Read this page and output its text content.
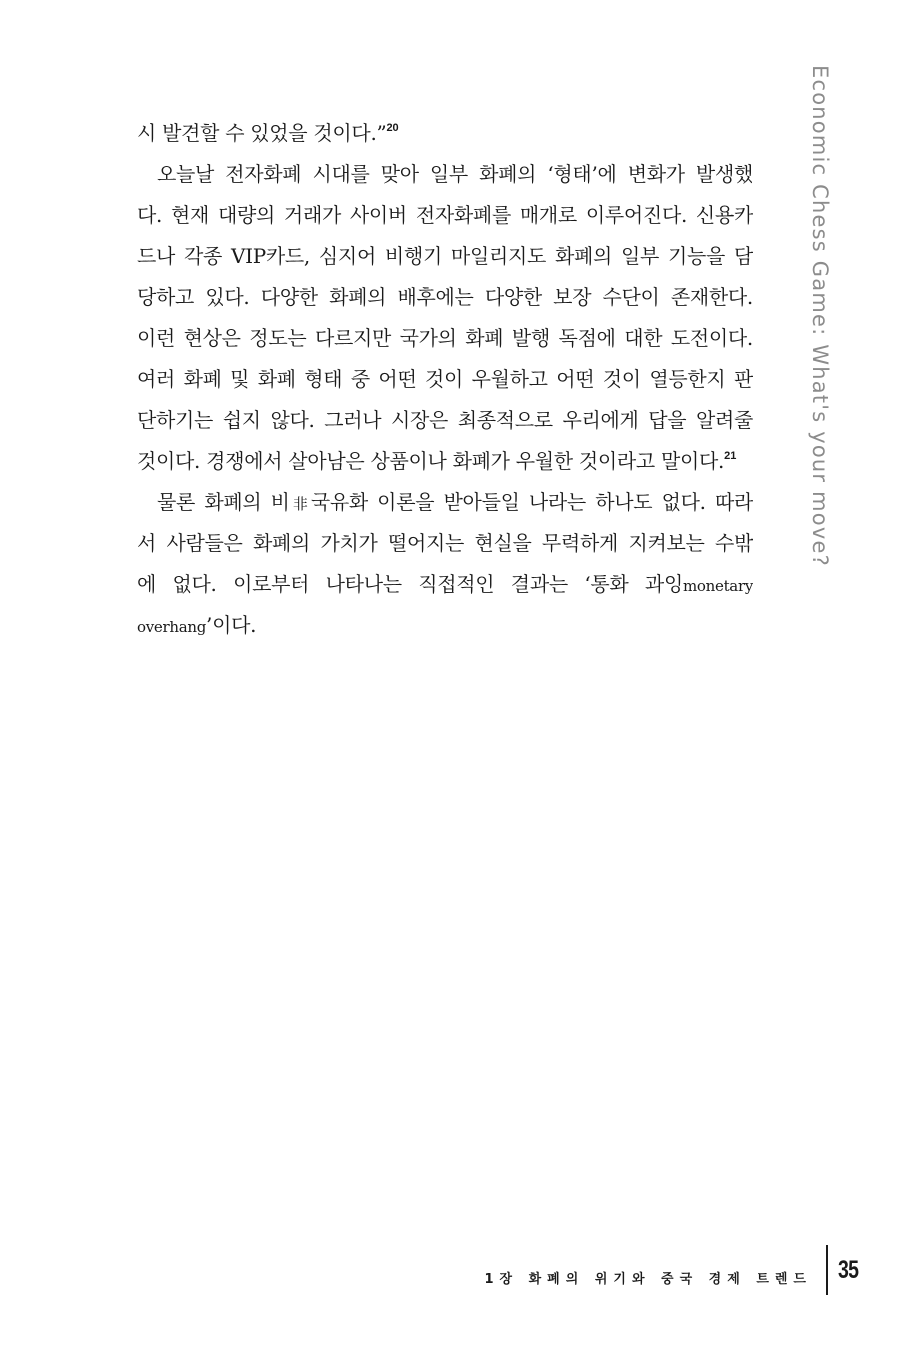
Economic Chess Game: What's your move?
시 발견할 수 있었을 것이다.”$^{20}$
오늘날 전자화폐 시대를 맞아 일부 화폐의 ‘형태’에 변화가 발생했
다. 현재 대량의 거래가 사이버 전자화폐를 매개로 이루어진다. 신용카
드나 각종 VIP카드, 심지어 비행기 마일리지도 화폐의 일부 기능을 담
당하고 있다. 다양한 화폐의 배후에는 다양한 보장 수단이 존재한다.
이런 현상은 정도는 다르지만 국가의 화폐 발행 독점에 대한 도전이다.
여러 화폐 및 화폐 형태 중 어떤 것이 우월하고 어떤 것이 열등한지 판
단하기는 쉽지 않다. 그러나 시장은 최종적으로 우리에게 답을 알려줄
것이다. 경쟁에서 살아남은 상품이나 화폐가 우월한 것이라고 말이다.$^{21}$
물론 화폐의 비非국유화 이론을 받아들일 나라는 하나도 없다. 따라
서 사람들은 화폐의 가치가 떨어지는 현실을 무력하게 지켜보는 수밖
에 없다. 이로부터 나타나는 직접적인 결과는 ‘통화 과잉monetary
overhang’이다.
1장 화폐의 위기와 중국 경제 트렌드 35
